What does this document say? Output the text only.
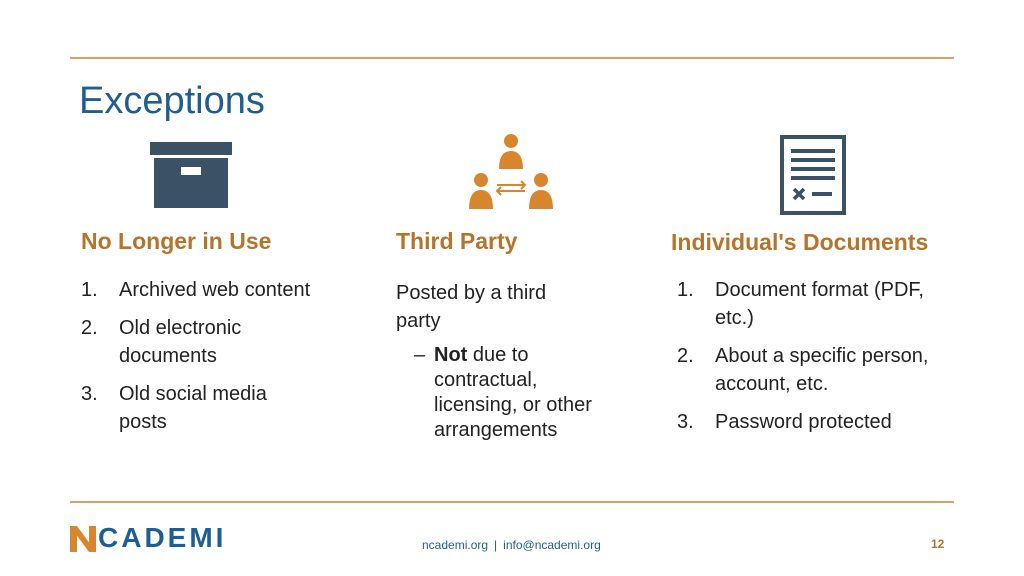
Exceptions
No Longer in Use
1. Archived web content
2. Old electronic documents
3. Old social media posts
Third Party
Posted by a third party
– Not due to contractual, licensing, or other arrangements
Individual's Documents
1. Document format (PDF, etc.)
2. About a specific person, account, etc.
3. Password protected
CADEMI	ncademi.org | info@ncademi.org	12
